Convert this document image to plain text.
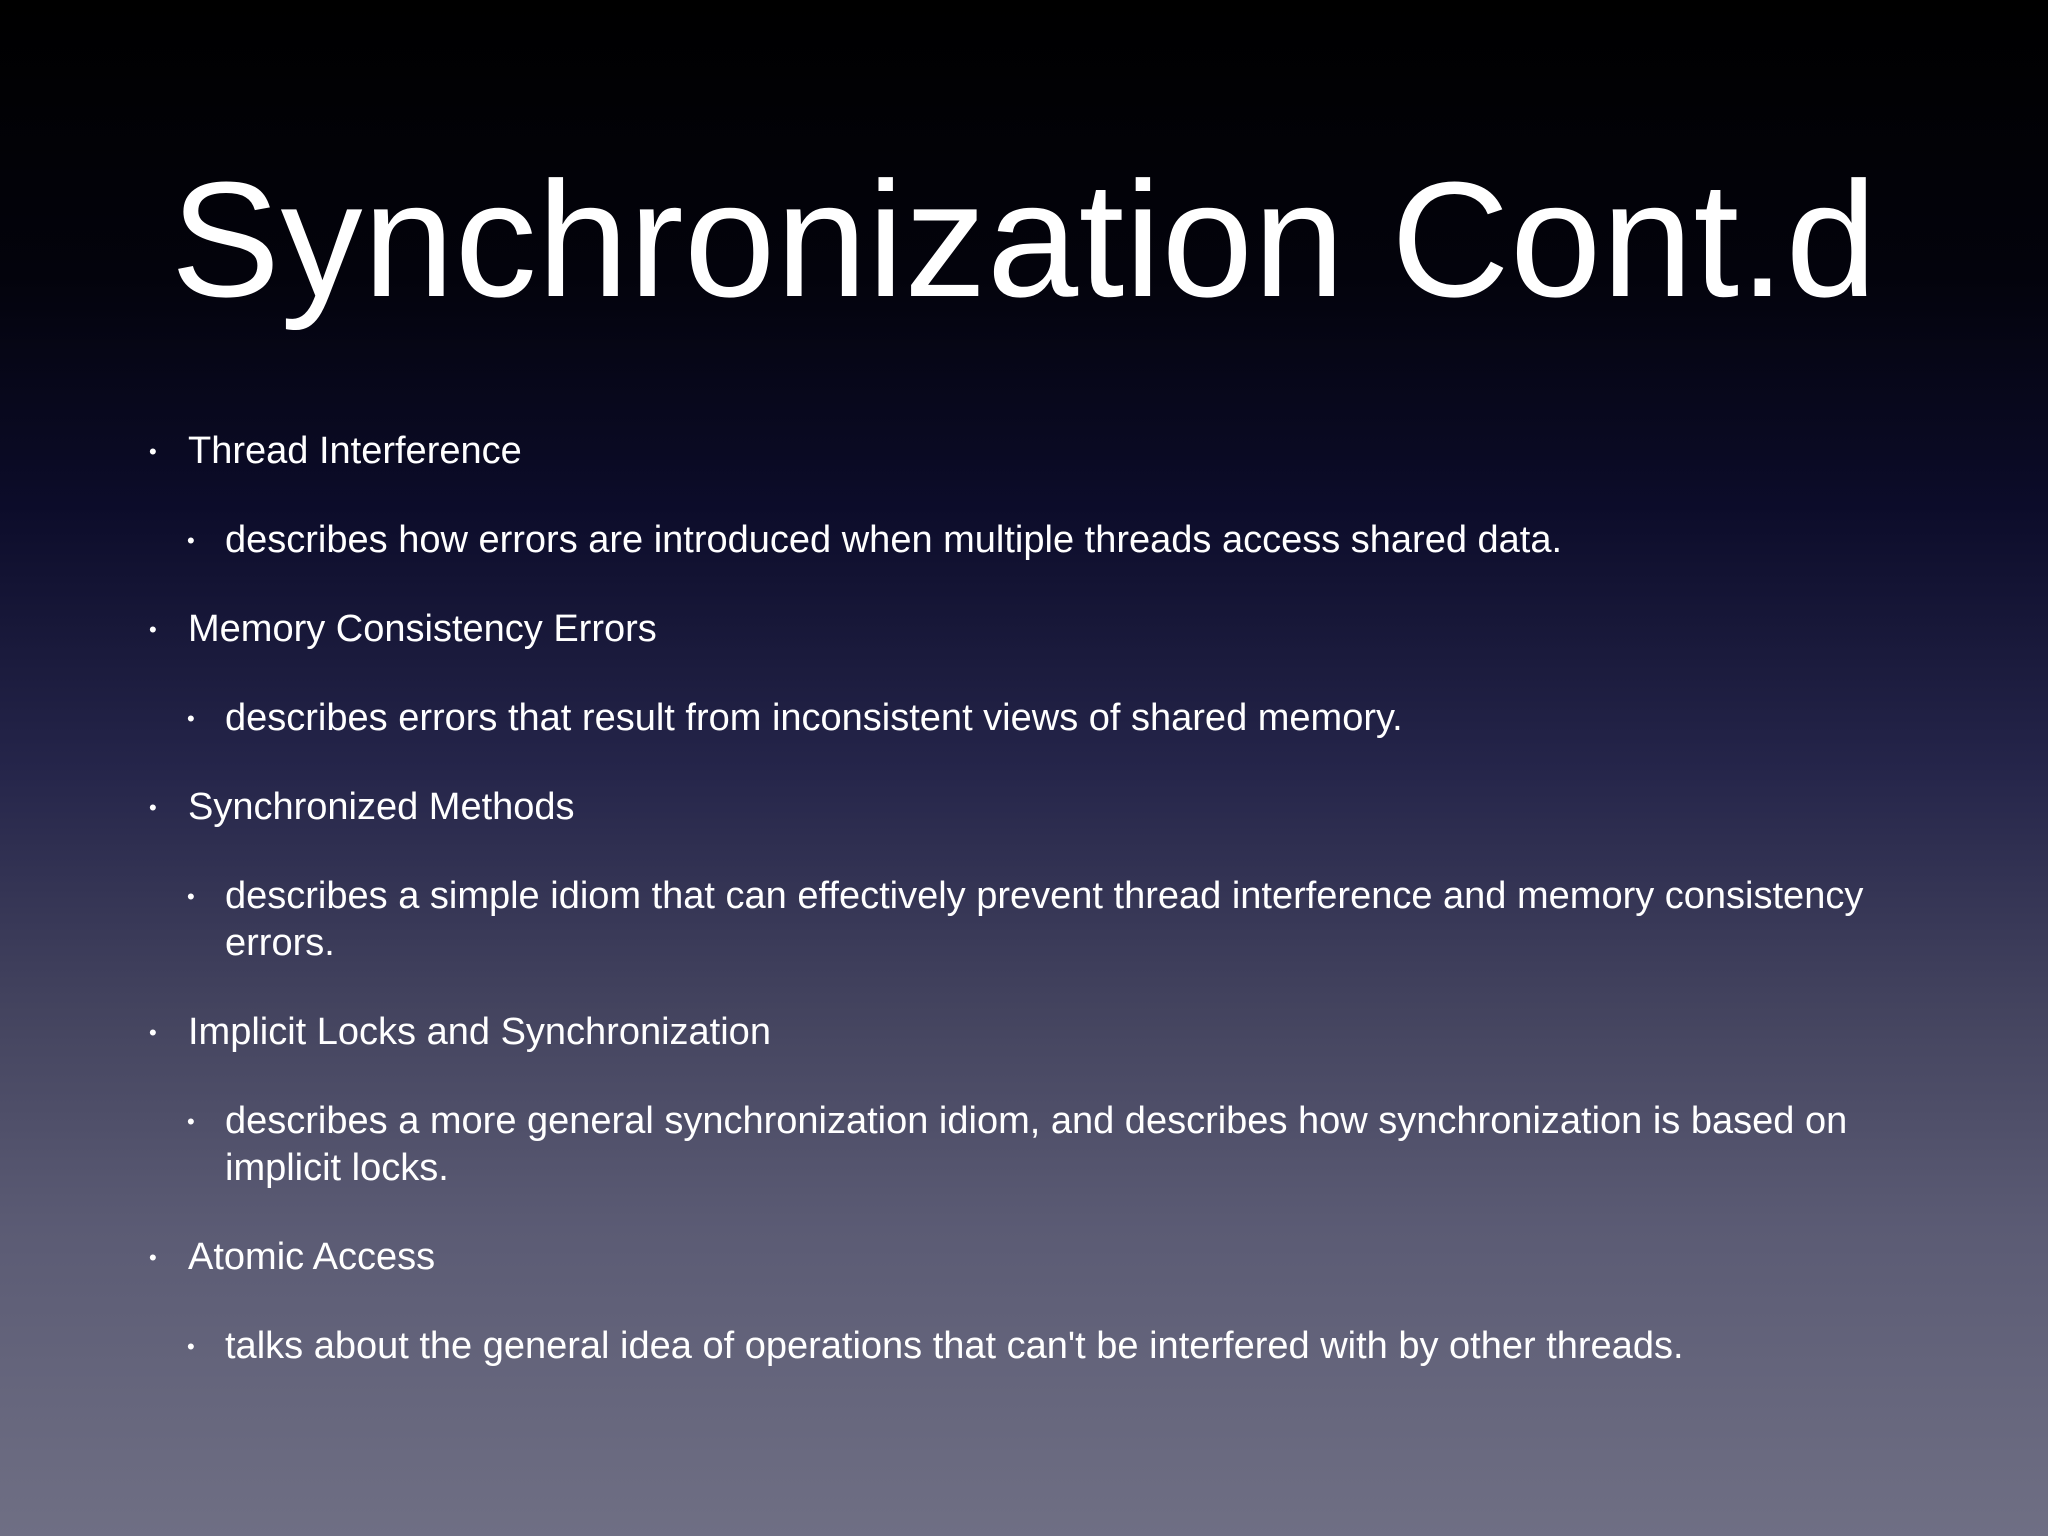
Synchronization Cont.d
• Thread Interference
• describes how errors are introduced when multiple threads access shared data.
• Memory Consistency Errors
• describes errors that result from inconsistent views of shared memory.
• Synchronized Methods
• describes a simple idiom that can effectively prevent thread interference and memory consistency errors.
• Implicit Locks and Synchronization
• describes a more general synchronization idiom, and describes how synchronization is based on implicit locks.
• Atomic Access
• talks about the general idea of operations that can't be interfered with by other threads.
